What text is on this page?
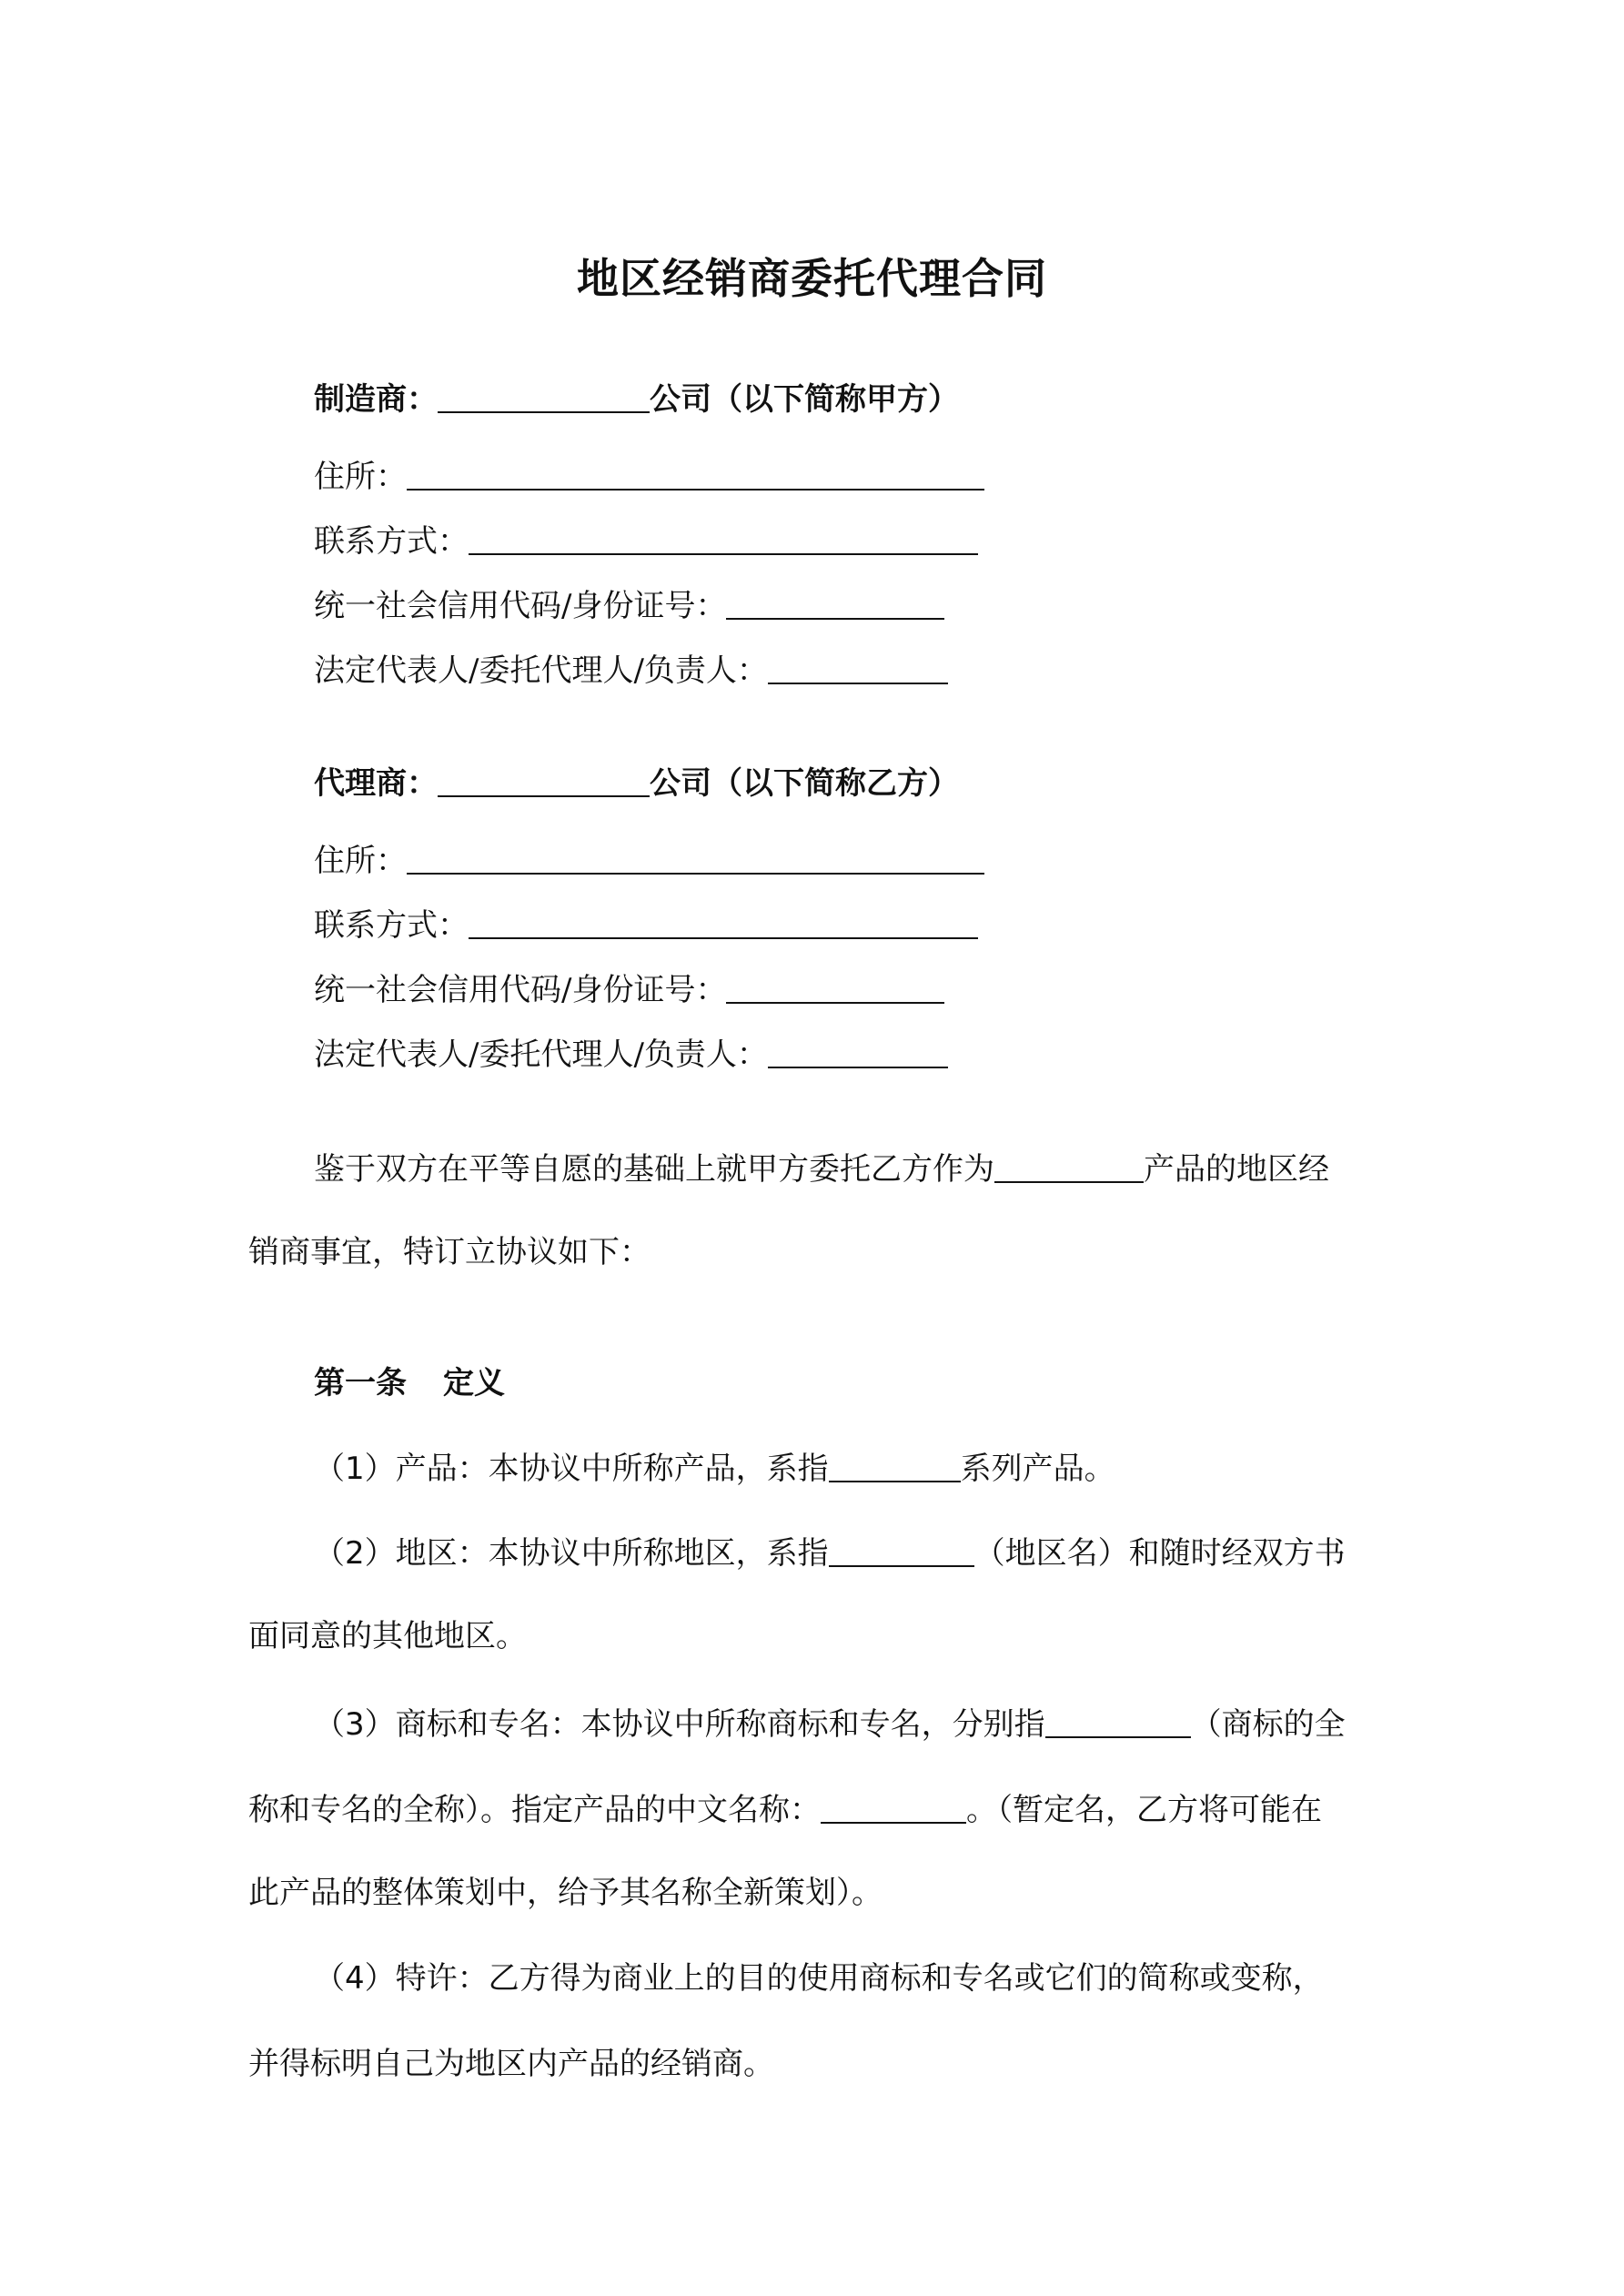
地区经销商委托代理合同
制造商：	公司（以下简称甲方）
住所：
联系方式：
统一社会信用代码/身份证号：
法定代表人/委托代理人/负责人：
代理商：	公司（以下简称乙方）
住所：
联系方式：
统一社会信用代码/身份证号：
法定代表人/委托代理人/负责人：
鉴于双方在平等自愿的基础上就甲方委托乙方作为	产品的地区经
销商事宜，特订立协议如下：
第一条 定义
（1）产品：本协议中所称产品，系指	系列产品。
（2）地区：本协议中所称地区，系指	（地区名）和随时经双方书
面同意的其他地区。
（3）商标和专名：本协议中所称商标和专名，分别指	（商标的全
称和专名的全称）。指定产品的中文名称：	。（暂定名，乙方将可能在
此产品的整体策划中，给予其名称全新策划）。
（4）特许：乙方得为商业上的目的使用商标和专名或它们的简称或变称，
并得标明自己为地区内产品的经销商。
